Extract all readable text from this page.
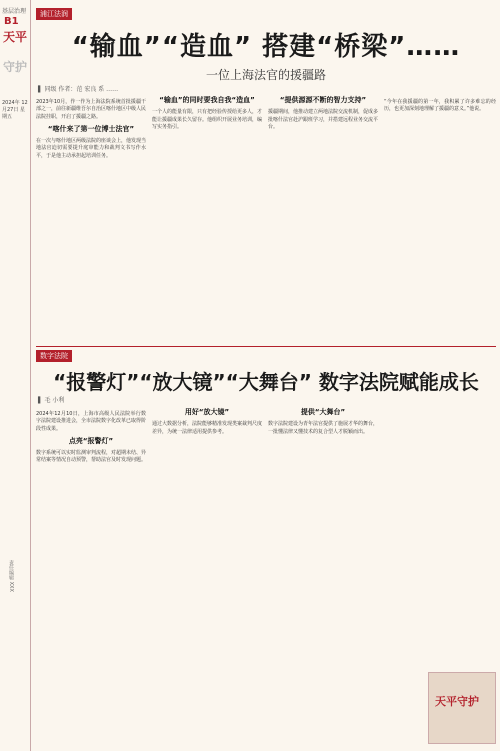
基层治理
B1
天平
守护
2024年 12月27日 星期五
责任编辑 XXX
浦江法润
“输血”“造血” 搭建“桥梁”……
一位上海法官的援疆路
▌ 同级 作者：范 宏良 系 ……

2023年10月，作一作为上海法院系统首批援疆干部之一，前往新疆维吾尔自治区喀什地区中级人民法院挂职，开启了援疆之路。

“喀什来了第一位博士法官”

在一次与喀什地区两级法院的座谈会上，他发现当地法官迫切需要提升庭审能力和裁判文书写作水平，于是他主动承担起培训任务。

“输血”的同时要我自我“造血”

一个人的能量有限，只有把经验传授给更多人，才能让援疆成果长久留存。他组织开展业务培训，编写实务指引。

“提供源源不断的智力支持”

援疆期间，他推动建立两地法院交流机制，促成多批喀什法官赴沪跟班学习，并搭建远程业务交流平台。

“今年在我援疆的第一年，我积累了许多难忘的经历，也更加深刻地理解了援疆的意义。”他说。

数字法院
“报警灯”“放大镜”“大舞台” 数字法院赋能成长
▌ 毛 小利

2024年12月10日，上海市高级人民法院举行数字法院建设推进会，全市法院数字化改革已取得阶段性成果。

点亮“报警灯”

数字系统可以实时监测审判流程，对超期未结、异常结案等情况自动预警，帮助法官及时发现问题。

用好“放大镜”

通过大数据分析，法院能够精准发现类案裁判尺度差异，为统一法律适用提供参考。

提供“大舞台”

数字法院建设为青年法官提供了施展才华的舞台，一批懂法律又懂技术的复合型人才脱颖而出。

天平守护
